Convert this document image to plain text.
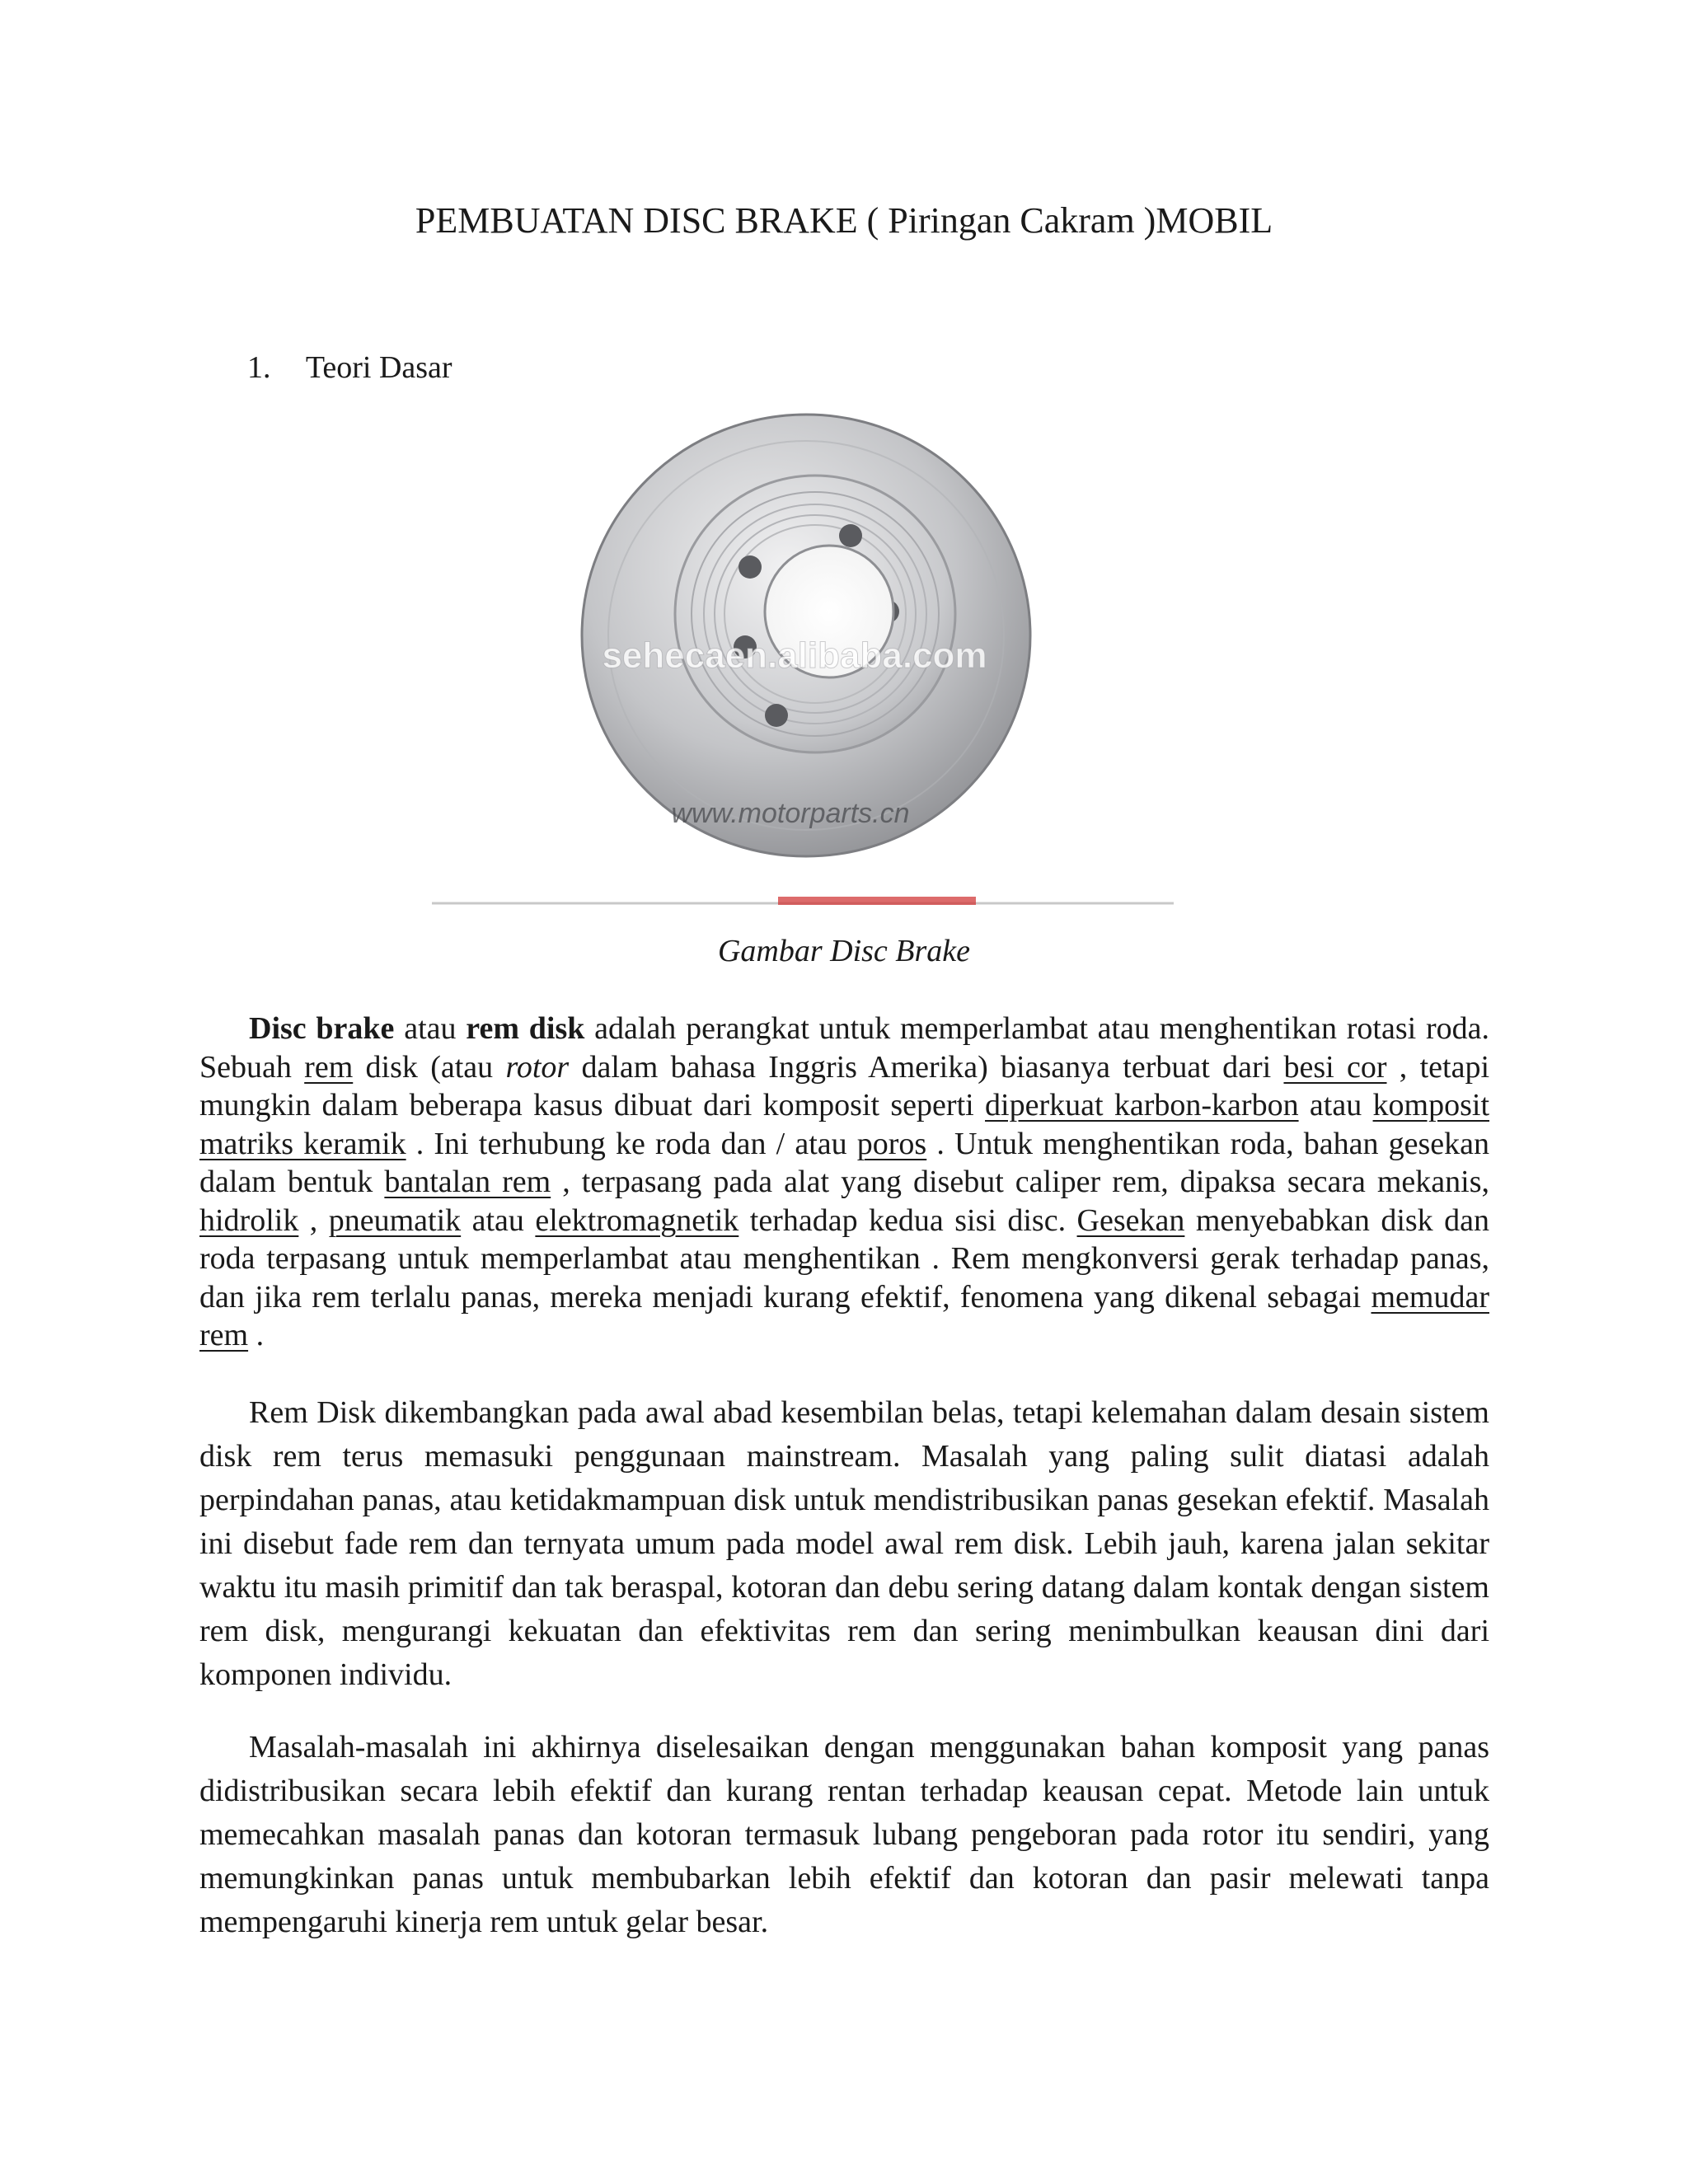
PEMBUATAN DISC BRAKE ( Piringan Cakram )MOBIL
1. Teori Dasar
sehecaen.alibaba.com
www.motorparts.cn
Gambar Disc Brake

Disc brake atau rem disk adalah perangkat untuk memperlambat atau menghentikan rotasi roda. Sebuah rem disk (atau rotor dalam bahasa Inggris Amerika) biasanya terbuat dari besi cor , tetapi mungkin dalam beberapa kasus dibuat dari komposit seperti diperkuat karbon-karbon atau komposit matriks keramik . Ini terhubung ke roda dan / atau poros . Untuk menghentikan roda, bahan gesekan dalam bentuk bantalan rem , terpasang pada alat yang disebut caliper rem, dipaksa secara mekanis, hidrolik , pneumatik atau elektromagnetik terhadap kedua sisi disc. Gesekan menyebabkan disk dan roda terpasang untuk memperlambat atau menghentikan . Rem mengkonversi gerak terhadap panas, dan jika rem terlalu panas, mereka menjadi kurang efektif, fenomena yang dikenal sebagai memudar rem .

Rem Disk dikembangkan pada awal abad kesembilan belas, tetapi kelemahan dalam desain sistem disk rem terus memasuki penggunaan mainstream. Masalah yang paling sulit diatasi adalah perpindahan panas, atau ketidakmampuan disk untuk mendistribusikan panas gesekan efektif. Masalah ini disebut fade rem dan ternyata umum pada model awal rem disk. Lebih jauh, karena jalan sekitar waktu itu masih primitif dan tak beraspal, kotoran dan debu sering datang dalam kontak dengan sistem rem disk, mengurangi kekuatan dan efektivitas rem dan sering menimbulkan keausan dini dari komponen individu.

Masalah-masalah ini akhirnya diselesaikan dengan menggunakan bahan komposit yang panas didistribusikan secara lebih efektif dan kurang rentan terhadap keausan cepat. Metode lain untuk memecahkan masalah panas dan kotoran termasuk lubang pengeboran pada rotor itu sendiri, yang memungkinkan panas untuk membubarkan lebih efektif dan kotoran dan pasir melewati tanpa mempengaruhi kinerja rem untuk gelar besar.
